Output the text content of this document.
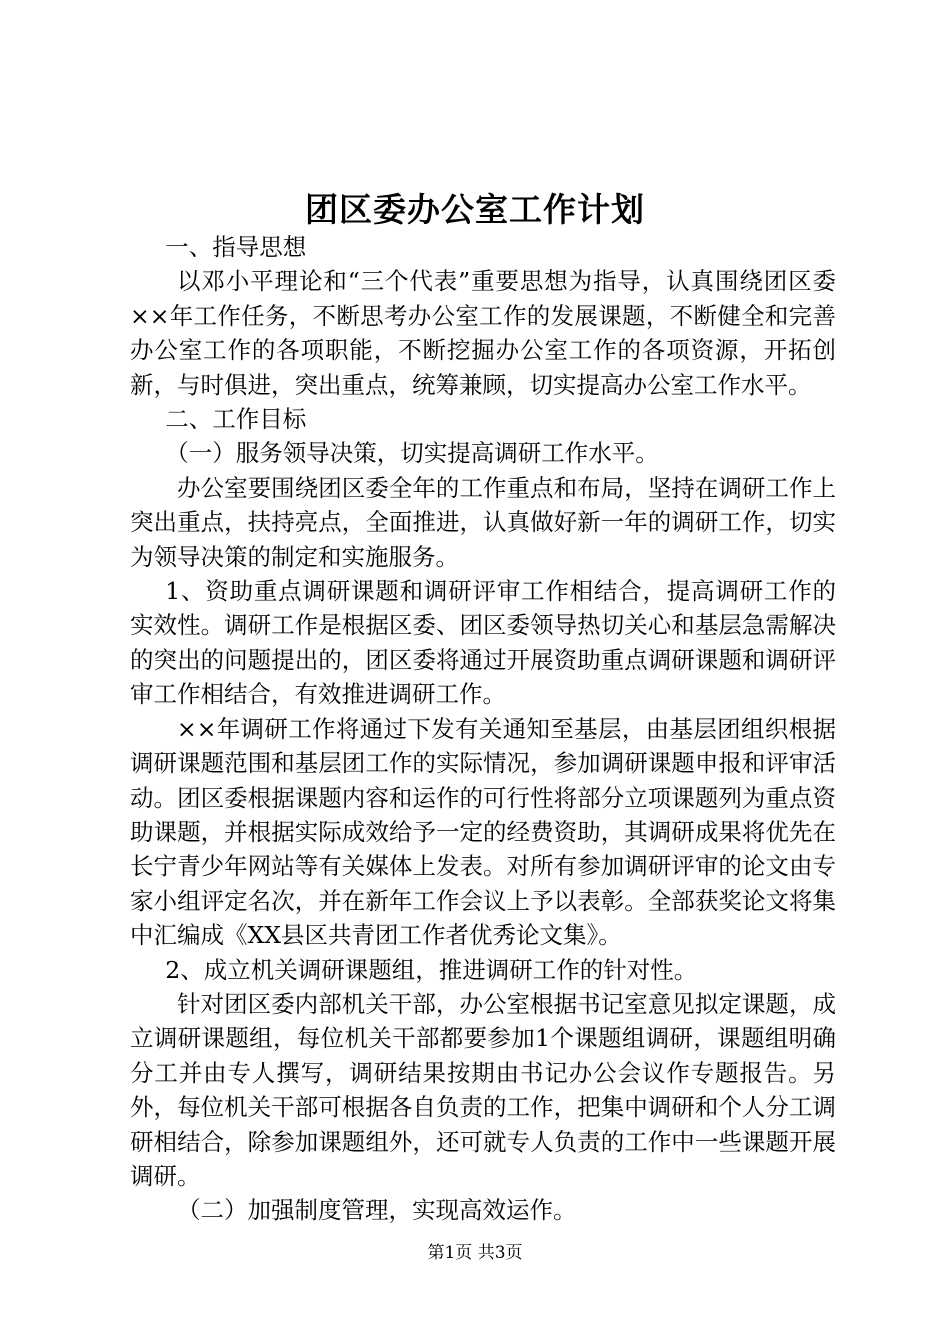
团区委办公室工作计划

一、指导思想

以邓小平理论和“三个代表”重要思想为指导，认真围绕团区委××年工作任务，不断思考办公室工作的发展课题，不断健全和完善办公室工作的各项职能，不断挖掘办公室工作的各项资源，开拓创新，与时俱进，突出重点，统筹兼顾，切实提高办公室工作水平。

二、工作目标

（一）服务领导决策，切实提高调研工作水平。

办公室要围绕团区委全年的工作重点和布局，坚持在调研工作上突出重点，扶持亮点，全面推进，认真做好新一年的调研工作，切实为领导决策的制定和实施服务。

1、资助重点调研课题和调研评审工作相结合，提高调研工作的实效性。调研工作是根据区委、团区委领导热切关心和基层急需解决的突出的问题提出的，团区委将通过开展资助重点调研课题和调研评审工作相结合，有效推进调研工作。

××年调研工作将通过下发有关通知至基层，由基层团组织根据调研课题范围和基层团工作的实际情况，参加调研课题申报和评审活动。团区委根据课题内容和运作的可行性将部分立项课题列为重点资助课题，并根据实际成效给予一定的经费资助，其调研成果将优先在长宁青少年网站等有关媒体上发表。对所有参加调研评审的论文由专家小组评定名次，并在新年工作会议上予以表彰。全部获奖论文将集中汇编成《XX县区共青团工作者优秀论文集》。

2、成立机关调研课题组，推进调研工作的针对性。

针对团区委内部机关干部，办公室根据书记室意见拟定课题，成立调研课题组，每位机关干部都要参加1个课题组调研，课题组明确分工并由专人撰写，调研结果按期由书记办公会议作专题报告。另外，每位机关干部可根据各自负责的工作，把集中调研和个人分工调研相结合，除参加课题组外，还可就专人负责的工作中一些课题开展调研。

（二）加强制度管理，实现高效运作。

第1页 共3页
